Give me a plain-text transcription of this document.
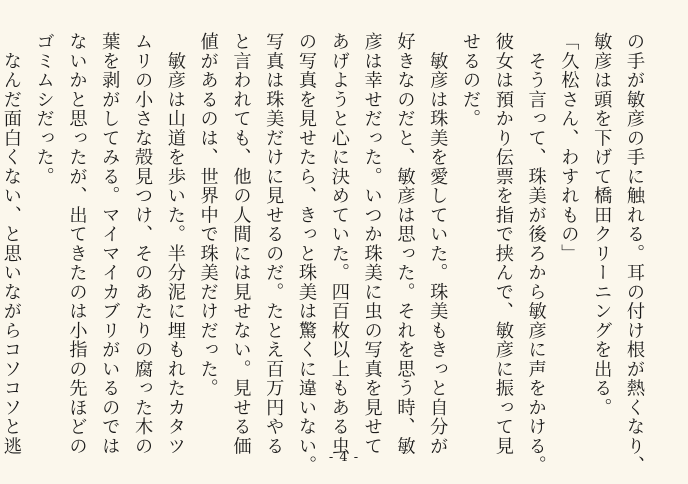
の手が敏彦の手に触れる。耳の付け根が熱くなり、
敏彦は頭を下げて橋田クリーニングを出る。
「久松さん、わすれもの」
　そう言って、珠美が後ろから敏彦に声をかける。
彼女は預かり伝票を指で挟んで、敏彦に振って見
せるのだ。
　敏彦は珠美を愛していた。珠美もきっと自分が
好きなのだと、敏彦は思った。それを思う時、敏
彦は幸せだった。いつか珠美に虫の写真を見せて
あげようと心に決めていた。四百枚以上もある虫
の写真を見せたら、きっと珠美は驚くに違いない。
写真は珠美だけに見せるのだ。たとえ百万円やる
と言われても、他の人間には見せない。見せる価
値があるのは、世界中で珠美だけだった。
　敏彦は山道を歩いた。半分泥に埋もれたカタツ
ムリの小さな殻見つけ、そのあたりの腐った木の
葉を剥がしてみる。マイマイカブリがいるのでは
ないかと思ったが、出てきたのは小指の先ほどの
ゴミムシだった。
　なんだ面白くない、と思いながらコソコソと逃
- 4 -
